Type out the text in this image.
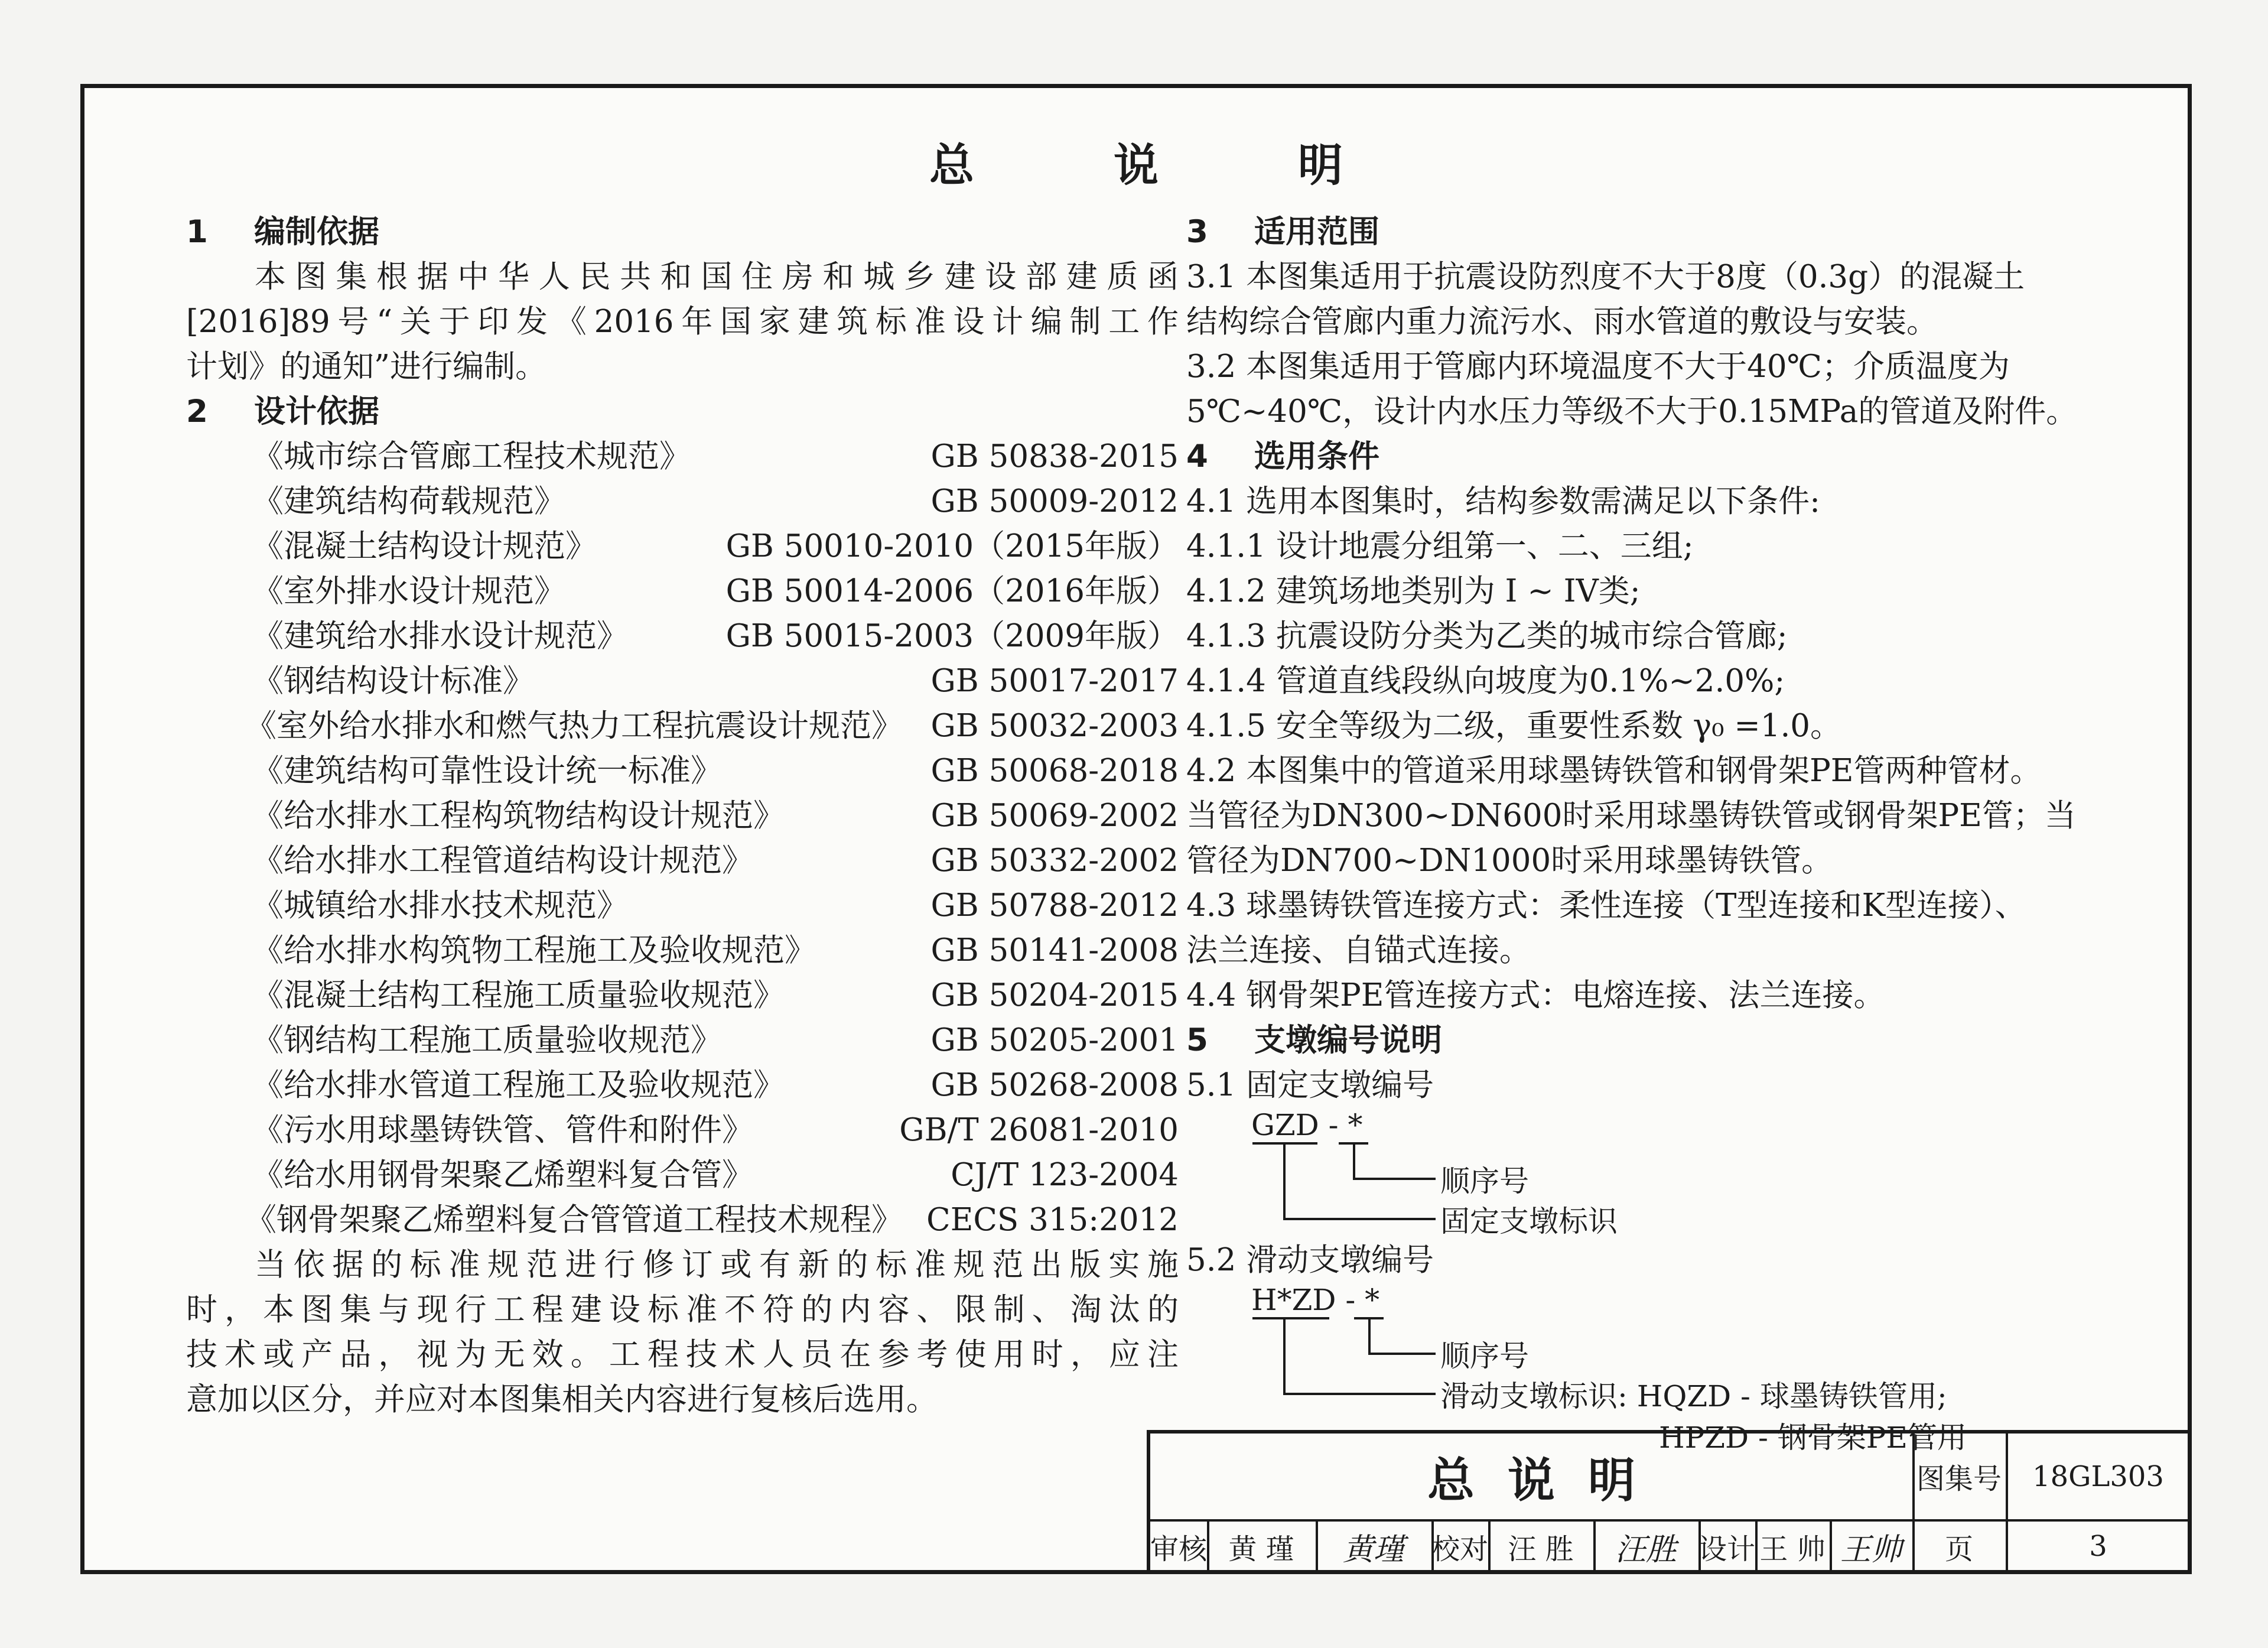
总　说　明
1 编制依据
本图集根据中华人民共和国住房和城乡建设部建质函
[2016]89号“关于印发《2016年国家建筑标准设计编制工作
计划》的通知”进行编制。
2 设计依据
《城市综合管廊工程技术规范》	GB 50838-2015
《建筑结构荷载规范》	GB 50009-2012
《混凝土结构设计规范》	GB 50010-2010（2015年版）
《室外排水设计规范》	GB 50014-2006（2016年版）
《建筑给水排水设计规范》	GB 50015-2003（2009年版）
《钢结构设计标准》	GB 50017-2017
《室外给水排水和燃气热力工程抗震设计规范》 GB 50032-2003
《建筑结构可靠性设计统一标准》	GB 50068-2018
《给水排水工程构筑物结构设计规范》	GB 50069-2002
《给水排水工程管道结构设计规范》	GB 50332-2002
《城镇给水排水技术规范》	GB 50788-2012
《给水排水构筑物工程施工及验收规范》	GB 50141-2008
《混凝土结构工程施工质量验收规范》	GB 50204-2015
《钢结构工程施工质量验收规范》	GB 50205-2001
《给水排水管道工程施工及验收规范》	GB 50268-2008
《污水用球墨铸铁管、管件和附件》	GB/T 26081-2010
《给水用钢骨架聚乙烯塑料复合管》	CJ/T 123-2004
《钢骨架聚乙烯塑料复合管管道工程技术规程》 CECS 315:2012
当依据的标准规范进行修订或有新的标准规范出版实施
时，本图集与现行工程建设标准不符的内容、限制、淘汰的
技术或产品，视为无效。工程技术人员在参考使用时，应注
意加以区分，并应对本图集相关内容进行复核后选用。
3 适用范围
3.1 本图集适用于抗震设防烈度不大于8度（0.3g）的混凝土
结构综合管廊内重力流污水、雨水管道的敷设与安装。
3.2 本图集适用于管廊内环境温度不大于40℃；介质温度为
5℃~40℃，设计内水压力等级不大于0.15MPa的管道及附件。
4 选用条件
4.1 选用本图集时，结构参数需满足以下条件:
4.1.1 设计地震分组第一、二、三组;
4.1.2 建筑场地类别为 I ~ IV类;
4.1.3 抗震设防分类为乙类的城市综合管廊;
4.1.4 管道直线段纵向坡度为0.1%~2.0%;
4.1.5 安全等级为二级，重要性系数 γ₀ =1.0。
4.2 本图集中的管道采用球墨铸铁管和钢骨架PE管两种管材。
当管径为DN300~DN600时采用球墨铸铁管或钢骨架PE管；当
管径为DN700~DN1000时采用球墨铸铁管。
4.3 球墨铸铁管连接方式：柔性连接（T型连接和K型连接）、
法兰连接、自锚式连接。
4.4 钢骨架PE管连接方式：电熔连接、法兰连接。
5 支墩编号说明
5.1 固定支墩编号
GZD - *
顺序号
固定支墩标识
5.2 滑动支墩编号
H*ZD - *
顺序号
滑动支墩标识: HQZD - 球墨铸铁管用;
HPZD - 钢骨架PE管用
总说明	图集号	18GL303
审核 黄 瑾	黄瑾 校对 汪 胜	汪胜 设计 王 帅 王帅	页	3
